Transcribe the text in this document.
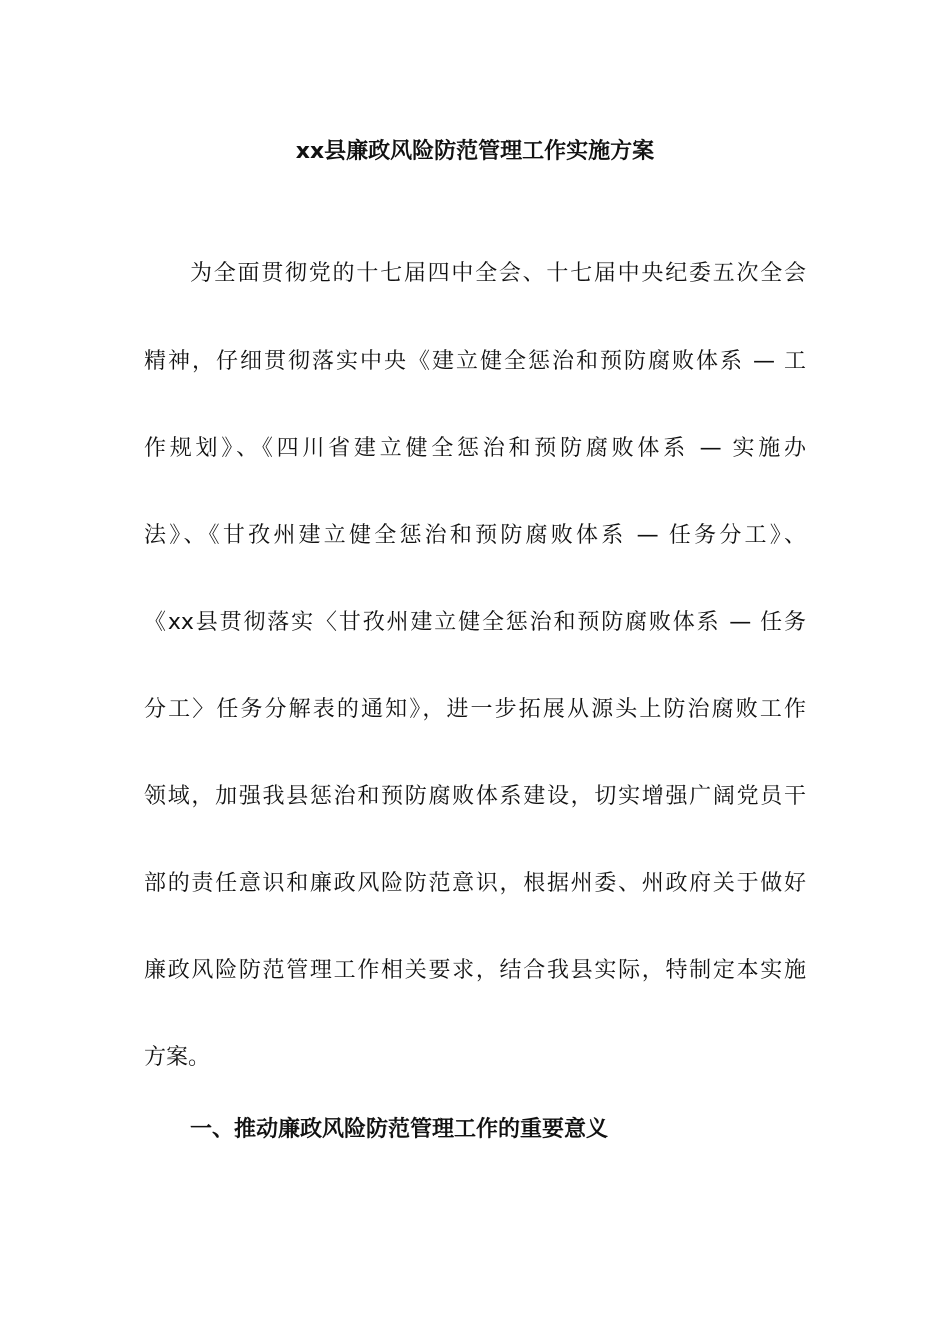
xx县廉政风险防范管理工作实施方案

为全面贯彻党的十七届四中全会、十七届中央纪委五次全会

精神，仔细贯彻落实中央《建立健全惩治和预防腐败体系 — 工

作规划》、《四川省建立健全惩治和预防腐败体系 — 实施办

法》、《甘孜州建立健全惩治和预防腐败体系 — 任务分工》、

《xx县贯彻落实〈甘孜州建立健全惩治和预防腐败体系 — 任务

分工〉任务分解表的通知》，进一步拓展从源头上防治腐败工作

领域，加强我县惩治和预防腐败体系建设，切实增强广阔党员干

部的责任意识和廉政风险防范意识，根据州委、州政府关于做好

廉政风险防范管理工作相关要求，结合我县实际，特制定本实施

方案。

一、推动廉政风险防范管理工作的重要意义
